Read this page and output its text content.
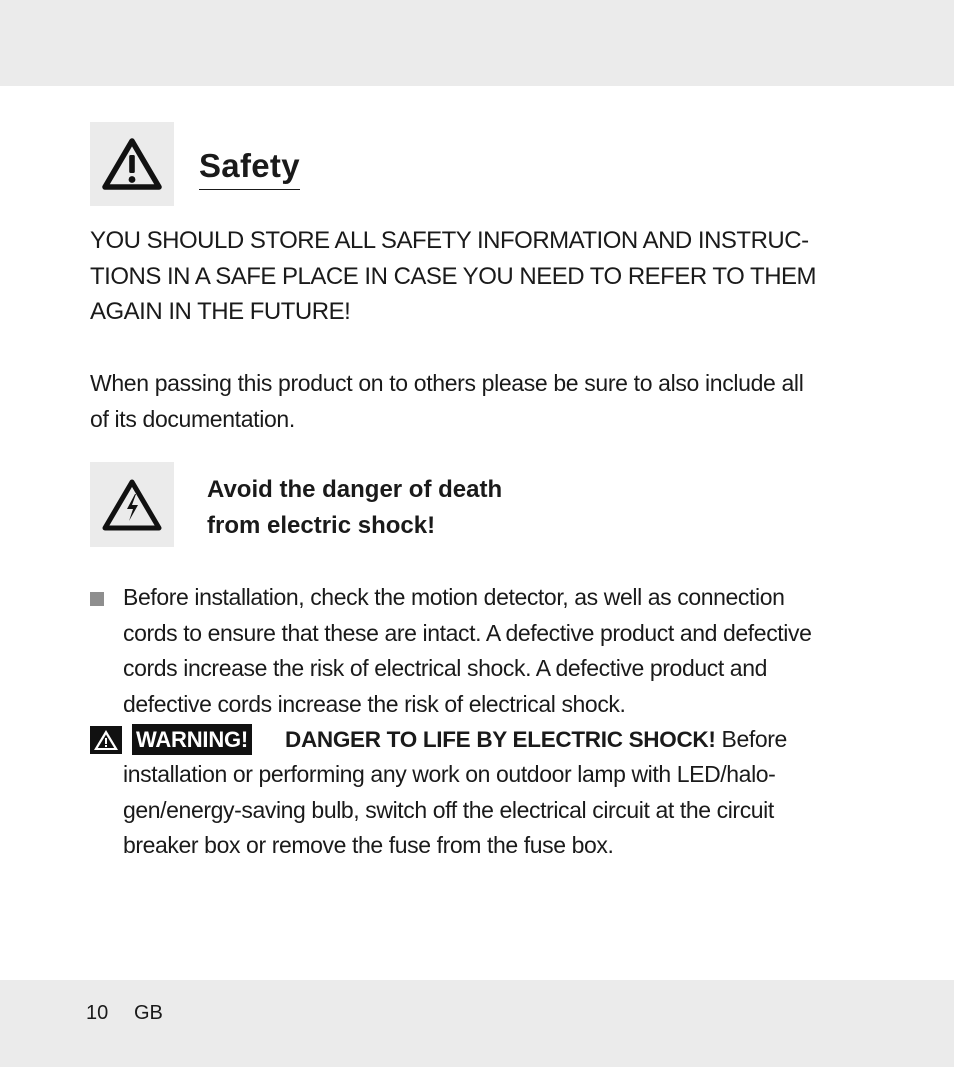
Safety

YOU SHOULD STORE ALL SAFETY INFORMATION AND INSTRUC-
TIONS IN A SAFE PLACE IN CASE YOU NEED TO REFER TO THEM
AGAIN IN THE FUTURE!

When passing this product on to others please be sure to also include all
of its documentation.

Avoid the danger of death
from electric shock!

Before installation, check the motion detector, as well as connection
cords to ensure that these are intact. A defective product and defective
cords increase the risk of electrical shock. A defective product and
defective cords increase the risk of electrical shock.

WARNING! DANGER TO LIFE BY ELECTRIC SHOCK! Before

installation or performing any work on outdoor lamp with LED/halo-
gen/energy-saving bulb, switch off the electrical circuit at the circuit
breaker box or remove the fuse from the fuse box.

10 GB
